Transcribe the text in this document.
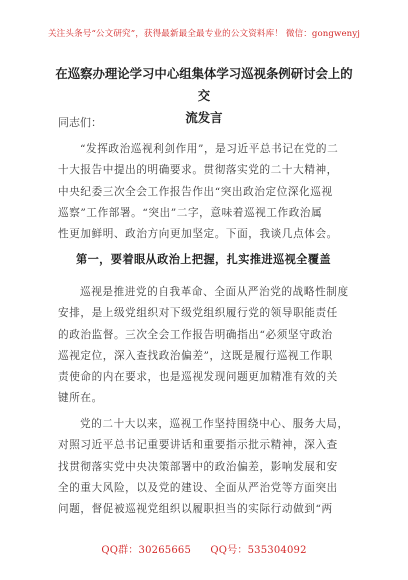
关注头条号“公文研究”，获得最新最全最专业的公文资料库！ 微信：gongwenyj
在巡察办理论学习中心组集体学习巡视条例研讨会上的交
流发言
同志们：
“发挥政治巡视利剑作用”，是习近平总书记在党的二
十大报告中提出的明确要求。贯彻落实党的二十大精神，
中央纪委三次全会工作报告作出“突出政治定位深化巡视
巡察”工作部署。“突出”二字，意味着巡视工作政治属
性更加鲜明、政治方向更加坚定。下面，我谈几点体会。
第一，要着眼从政治上把握，扎实推进巡视全覆盖
巡视是推进党的自我革命、全面从严治党的战略性制度
安排，是上级党组织对下级党组织履行党的领导职能责任
的政治监督。三次全会工作报告明确指出“必须坚守政治
巡视定位，深入查找政治偏差”，这既是履行巡视工作职
责使命的内在要求，也是巡视发现问题更加精准有效的关
键所在。
党的二十大以来，巡视工作坚持围绕中心、服务大局，
对照习近平总书记重要讲话和重要指示批示精神，深入查
找贯彻落实党中央决策部署中的政治偏差，影响发展和安
全的重大风险，以及党的建设、全面从严治党等方面突出
问题，督促被巡视党组织以履职担当的实际行动做到“两
QQ群：30265665 QQ号：535304092
